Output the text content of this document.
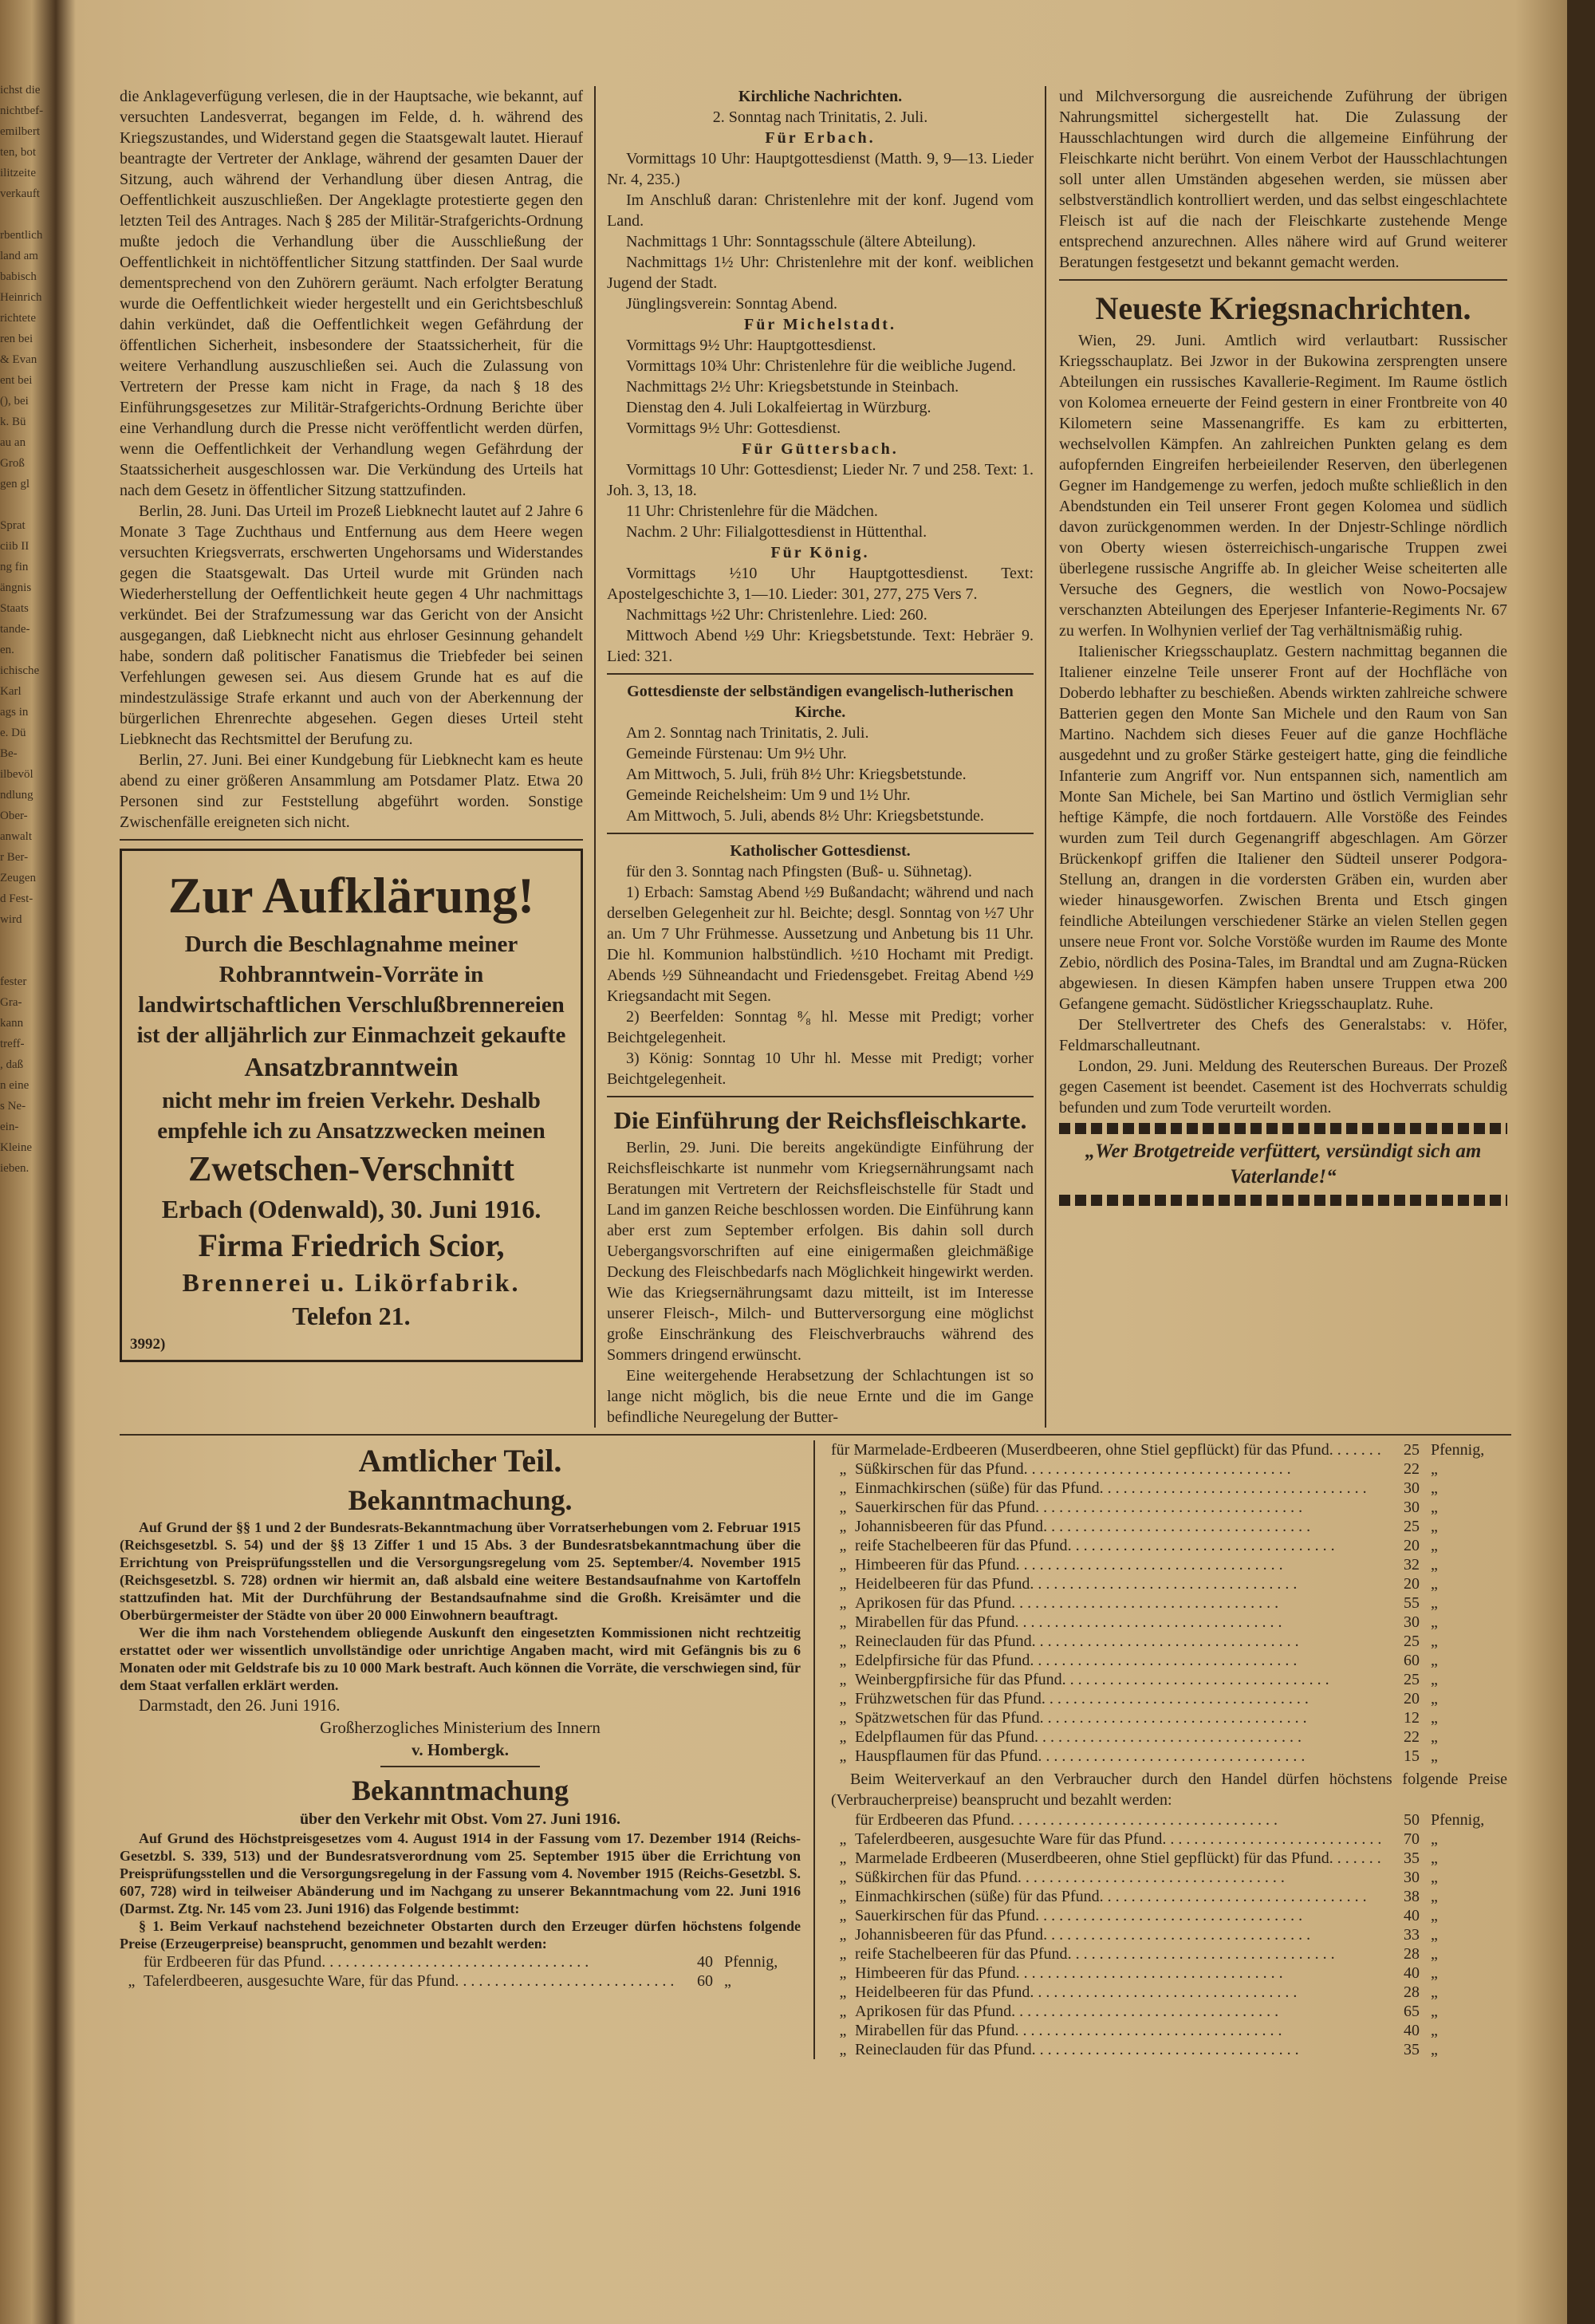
ichst die
nichtbef-
emilbert
ten, bot
ilitzeite
verkauft

rbentlich
land am
babisch
Heinrich
richtete
ren bei
& Evan
ent bei
(), bei
k. Bü
au an
Groß
gen gl

Sprat
ciib II
ng fin
ängnis
Staats
tande-
en.
ichische
Karl
ags in
e. Dü
Be-
ilbevöl
ndlung
Ober-
anwalt
r Ber-
Zeugen
d Fest-
wird

fester
Gra-
kann
treff-
, daß
n eine
s Ne-
ein-
Kleine
ieben.

die Anklageverfügung verlesen, die in der Hauptsache, wie bekannt, auf versuchten Landesverrat, begangen im Felde, d. h. während des Kriegszustandes, und Widerstand gegen die Staatsgewalt lautet. Hierauf beantragte der Vertreter der Anklage, während der gesamten Dauer der Sitzung, auch während der Verhandlung über diesen Antrag, die Oeffentlichkeit auszuschließen. Der Angeklagte protestierte gegen den letzten Teil des Antrages. Nach § 285 der Militär-Strafgerichts-Ordnung mußte jedoch die Verhandlung über die Ausschließung der Oeffentlichkeit in nichtöffentlicher Sitzung stattfinden. Der Saal wurde dementsprechend von den Zuhörern geräumt. Nach erfolgter Beratung wurde die Oeffentlichkeit wieder hergestellt und ein Gerichtsbeschluß dahin verkündet, daß die Oeffentlichkeit wegen Gefährdung der öffentlichen Sicherheit, insbesondere der Staatssicherheit, für die weitere Verhandlung auszuschließen sei. Auch die Zulassung von Vertretern der Presse kam nicht in Frage, da nach § 18 des Einführungsgesetzes zur Militär-Strafgerichts-Ordnung Berichte über eine Verhandlung durch die Presse nicht veröffentlicht werden dürfen, wenn die Oeffentlichkeit der Verhandlung wegen Gefährdung der Staatssicherheit ausgeschlossen war. Die Verkündung des Urteils hat nach dem Gesetz in öffentlicher Sitzung stattzufinden.

Berlin, 28. Juni. Das Urteil im Prozeß Liebknecht lautet auf 2 Jahre 6 Monate 3 Tage Zuchthaus und Entfernung aus dem Heere wegen versuchten Kriegsverrats, erschwerten Ungehorsams und Widerstandes gegen die Staatsgewalt. Das Urteil wurde mit Gründen nach Wiederherstellung der Oeffentlichkeit heute gegen 4 Uhr nachmittags verkündet. Bei der Strafzumessung war das Gericht von der Ansicht ausgegangen, daß Liebknecht nicht aus ehrloser Gesinnung gehandelt habe, sondern daß politischer Fanatismus die Triebfeder bei seinen Verfehlungen gewesen sei. Aus diesem Grunde hat es auf die mindestzulässige Strafe erkannt und auch von der Aberkennung der bürgerlichen Ehrenrechte abgesehen. Gegen dieses Urteil steht Liebknecht das Rechtsmittel der Berufung zu.

Berlin, 27. Juni. Bei einer Kundgebung für Liebknecht kam es heute abend zu einer größeren Ansammlung am Potsdamer Platz. Etwa 20 Personen sind zur Feststellung abgeführt worden. Sonstige Zwischenfälle ereigneten sich nicht.

Zur Aufklärung!
Durch die Beschlagnahme meiner Rohbranntwein-Vorräte in landwirtschaftlichen Verschlußbrennereien ist der alljährlich zur Einmachzeit gekaufte
Ansatzbranntwein
nicht mehr im freien Verkehr. Deshalb empfehle ich zu Ansatzzwecken meinen
Zwetschen-Verschnitt
Erbach (Odenwald), 30. Juni 1916.
Firma Friedrich Scior,
Brennerei u. Likörfabrik.
Telefon 21.
3992)

Kirchliche Nachrichten.

2. Sonntag nach Trinitatis, 2. Juli.

Für Erbach.

Vormittags 10 Uhr: Hauptgottesdienst (Matth. 9, 9—13. Lieder Nr. 4, 235.)

Im Anschluß daran: Christenlehre mit der konf. Jugend vom Land.

Nachmittags 1 Uhr: Sonntagsschule (ältere Abteilung).

Nachmittags 1½ Uhr: Christenlehre mit der konf. weiblichen Jugend der Stadt.

Jünglingsverein: Sonntag Abend.

Für Michelstadt.

Vormittags 9½ Uhr: Hauptgottesdienst.

Vormittags 10¾ Uhr: Christenlehre für die weibliche Jugend.

Nachmittags 2½ Uhr: Kriegsbetstunde in Steinbach.

Dienstag den 4. Juli Lokalfeiertag in Würzburg.

Vormittags 9½ Uhr: Gottesdienst.

Für Güttersbach.

Vormittags 10 Uhr: Gottesdienst; Lieder Nr. 7 und 258. Text: 1. Joh. 3, 13, 18.

11 Uhr: Christenlehre für die Mädchen.

Nachm. 2 Uhr: Filialgottesdienst in Hüttenthal.

Für König.

Vormittags ½10 Uhr Hauptgottesdienst. Text: Apostelgeschichte 3, 1—10. Lieder: 301, 277, 275 Vers 7.

Nachmittags ½2 Uhr: Christenlehre. Lied: 260.

Mittwoch Abend ½9 Uhr: Kriegsbetstunde. Text: Hebräer 9. Lied: 321.

Gottesdienste der selbständigen evangelisch-lutherischen Kirche.

Am 2. Sonntag nach Trinitatis, 2. Juli.

Gemeinde Fürstenau: Um 9½ Uhr.

Am Mittwoch, 5. Juli, früh 8½ Uhr: Kriegsbetstunde.

Gemeinde Reichelsheim: Um 9 und 1½ Uhr.

Am Mittwoch, 5. Juli, abends 8½ Uhr: Kriegsbetstunde.

Katholischer Gottesdienst.

für den 3. Sonntag nach Pfingsten (Buß- u. Sühnetag).

1) Erbach: Samstag Abend ½9 Bußandacht; während und nach derselben Gelegenheit zur hl. Beichte; desgl. Sonntag von ½7 Uhr an. Um 7 Uhr Frühmesse. Aussetzung und Anbetung bis 11 Uhr. Die hl. Kommunion halbstündlich. ½10 Hochamt mit Predigt. Abends ½9 Sühneandacht und Friedensgebet. Freitag Abend ½9 Kriegsandacht mit Segen.

2) Beerfelden: Sonntag ⁸⁄₈ hl. Messe mit Predigt; vorher Beichtgelegenheit.

3) König: Sonntag 10 Uhr hl. Messe mit Predigt; vorher Beichtgelegenheit.

Die Einführung der Reichsfleischkarte.

Berlin, 29. Juni. Die bereits angekündigte Einführung der Reichsfleischkarte ist nunmehr vom Kriegsernährungsamt nach Beratungen mit Vertretern der Reichsfleischstelle für Stadt und Land im ganzen Reiche beschlossen worden. Die Einführung kann aber erst zum September erfolgen. Bis dahin soll durch Uebergangsvorschriften auf eine einigermaßen gleichmäßige Deckung des Fleischbedarfs nach Möglichkeit hingewirkt werden. Wie das Kriegsernährungsamt dazu mitteilt, ist im Interesse unserer Fleisch-, Milch- und Butterversorgung eine möglichst große Einschränkung des Fleischverbrauchs während des Sommers dringend erwünscht.

Eine weitergehende Herabsetzung der Schlachtungen ist so lange nicht möglich, bis die neue Ernte und die im Gange befindliche Neuregelung der Butter-

und Milchversorgung die ausreichende Zuführung der übrigen Nahrungsmittel sichergestellt hat. Die Zulassung der Hausschlachtungen wird durch die allgemeine Einführung der Fleischkarte nicht berührt. Von einem Verbot der Hausschlachtungen soll unter allen Umständen abgesehen werden, sie müssen aber selbstverständlich kontrolliert werden, und das selbst eingeschlachtete Fleisch ist auf die nach der Fleischkarte zustehende Menge entsprechend anzurechnen. Alles nähere wird auf Grund weiterer Beratungen festgesetzt und bekannt gemacht werden.

Neueste Kriegsnachrichten.

Wien, 29. Juni. Amtlich wird verlautbart: Russischer Kriegsschauplatz. Bei Jzwor in der Bukowina zersprengten unsere Abteilungen ein russisches Kavallerie-Regiment. Im Raume östlich von Kolomea erneuerte der Feind gestern in einer Frontbreite von 40 Kilometern seine Massenangriffe. Es kam zu erbitterten, wechselvollen Kämpfen. An zahlreichen Punkten gelang es dem aufopfernden Eingreifen herbeieilender Reserven, den überlegenen Gegner im Handgemenge zu werfen, jedoch mußte schließlich in den Abendstunden ein Teil unserer Front gegen Kolomea und südlich davon zurückgenommen werden. In der Dnjestr-Schlinge nördlich von Oberty wiesen österreichisch-ungarische Truppen zwei überlegene russische Angriffe ab. In gleicher Weise scheiterten alle Versuche des Gegners, die westlich von Nowo-Pocsajew verschanzten Abteilungen des Eperjeser Infanterie-Regiments Nr. 67 zu werfen. In Wolhynien verlief der Tag verhältnismäßig ruhig.

Italienischer Kriegsschauplatz. Gestern nachmittag begannen die Italiener einzelne Teile unserer Front auf der Hochfläche von Doberdo lebhafter zu beschießen. Abends wirkten zahlreiche schwere Batterien gegen den Monte San Michele und den Raum von San Martino. Nachdem sich dieses Feuer auf die ganze Hochfläche ausgedehnt und zu großer Stärke gesteigert hatte, ging die feindliche Infanterie zum Angriff vor. Nun entspannen sich, namentlich am Monte San Michele, bei San Martino und östlich Vermiglian sehr heftige Kämpfe, die noch fortdauern. Alle Vorstöße des Feindes wurden zum Teil durch Gegenangriff abgeschlagen. Am Görzer Brückenkopf griffen die Italiener den Südteil unserer Podgora-Stellung an, drangen in die vordersten Gräben ein, wurden aber wieder hinausgeworfen. Zwischen Brenta und Etsch gingen feindliche Abteilungen verschiedener Stärke an vielen Stellen gegen unsere neue Front vor. Solche Vorstöße wurden im Raume des Monte Zebio, nördlich des Posina-Tales, im Brandtal und am Zugna-Rücken abgewiesen. In diesen Kämpfen haben unsere Truppen etwa 200 Gefangene gemacht. Südöstlicher Kriegsschauplatz. Ruhe.

Der Stellvertreter des Chefs des Generalstabs: v. Höfer, Feldmarschalleutnant.

London, 29. Juni. Meldung des Reuterschen Bureaus. Der Prozeß gegen Casement ist beendet. Casement ist des Hochverrats schuldig befunden und zum Tode verurteilt worden.

„Wer Brotgetreide verfüttert, versündigt sich am Vaterlande!“

Amtlicher Teil.

Bekanntmachung.

Auf Grund der §§ 1 und 2 der Bundesrats-Bekanntmachung über Vorratserhebungen vom 2. Februar 1915 (Reichsgesetzbl. S. 54) und der §§ 13 Ziffer 1 und 15 Abs. 3 der Bundesratsbekanntmachung über die Errichtung von Preisprüfungsstellen und die Versorgungsregelung vom 25. September/4. November 1915 (Reichsgesetzbl. S. 728) ordnen wir hiermit an, daß alsbald eine weitere Bestandsaufnahme von Kartoffeln stattzufinden hat. Mit der Durchführung der Bestandsaufnahme sind die Großh. Kreisämter und die Oberbürgermeister der Städte von über 20 000 Einwohnern beauftragt.

Wer die ihm nach Vorstehendem obliegende Auskunft den eingesetzten Kommissionen nicht rechtzeitig erstattet oder wer wissentlich unvollständige oder unrichtige Angaben macht, wird mit Gefängnis bis zu 6 Monaten oder mit Geldstrafe bis zu 10 000 Mark bestraft. Auch können die Vorräte, die verschwiegen sind, für dem Staat verfallen erklärt werden.

Darmstadt, den 26. Juni 1916.

Großherzogliches Ministerium des Innern

v. Hombergk.

Bekanntmachung

über den Verkehr mit Obst. Vom 27. Juni 1916.

Auf Grund des Höchstpreisgesetzes vom 4. August 1914 in der Fassung vom 17. Dezember 1914 (Reichs-Gesetzbl. S. 339, 513) und der Bundesratsverordnung vom 25. September 1915 über die Errichtung von Preisprüfungsstellen und die Versorgungsregelung in der Fassung vom 4. November 1915 (Reichs-Gesetzbl. S. 607, 728) wird in teilweiser Abänderung und im Nachgang zu unserer Bekanntmachung vom 22. Juni 1916 (Darmst. Ztg. Nr. 145 vom 23. Juni 1916) das Folgende bestimmt:

§ 1. Beim Verkauf nachstehend bezeichneter Obstarten durch den Erzeuger dürfen höchstens folgende Preise (Erzeugerpreise) beansprucht, genommen und bezahlt werden:

für Erdbeeren für das Pfund . . .	40 Pfennig,
„ Tafelerdbeeren, ausgesuchte Ware, für das Pfund . . .	60 „
für Marmelade-Erdbeeren (Muserdbeeren, ohne Stiel gepflückt) für das Pfund . . .	25 Pfennig,
„ Süßkirschen für das Pfund . . .	22 „
„ Einmachkirschen (süße) für das Pfund . . .	30 „
„ Sauerkirschen für das Pfund . . .	30 „
„ Johannisbeeren für das Pfund . . .	25 „
„ reife Stachelbeeren für das Pfund . . .	20 „
„ Himbeeren für das Pfund . . .	32 „
„ Heidelbeeren für das Pfund . . .	20 „
„ Aprikosen für das Pfund . . .	55 „
„ Mirabellen für das Pfund . . .	30 „
„ Reineclauden für das Pfund . . .	25 „
„ Edelpfirsiche für das Pfund . . .	60 „
„ Weinbergpfirsiche für das Pfund . . .	25 „
„ Frühzwetschen für das Pfund . . .	20 „
„ Spätzwetschen für das Pfund . . .	12 „
„ Edelpflaumen für das Pfund . . .	22 „
„ Hauspflaumen für das Pfund . . .	15 „

Beim Weiterverkauf an den Verbraucher durch den Handel dürfen höchstens folgende Preise (Verbraucherpreise) beansprucht und bezahlt werden:

für Erdbeeren das Pfund . . .	50 Pfennig,
„ Tafelerdbeeren, ausgesuchte Ware für das Pfund . . .	70 „
„ Marmelade Erdbeeren (Muserdbeeren, ohne Stiel gepflückt) für das Pfund . . .	35 „
„ Süßkirchen für das Pfund . . .	30 „
„ Einmachkirschen (süße) für das Pfund . . .	38 „
„ Sauerkirschen für das Pfund . . .	40 „
„ Johannisbeeren für das Pfund . . .	33 „
„ reife Stachelbeeren für das Pfund . . .	28 „
„ Himbeeren für das Pfund . . .	40 „
„ Heidelbeeren für das Pfund . . .	28 „
„ Aprikosen für das Pfund . . .	65 „
„ Mirabellen für das Pfund . . .	40 „
„ Reineclauden für das Pfund . . .	35 „
